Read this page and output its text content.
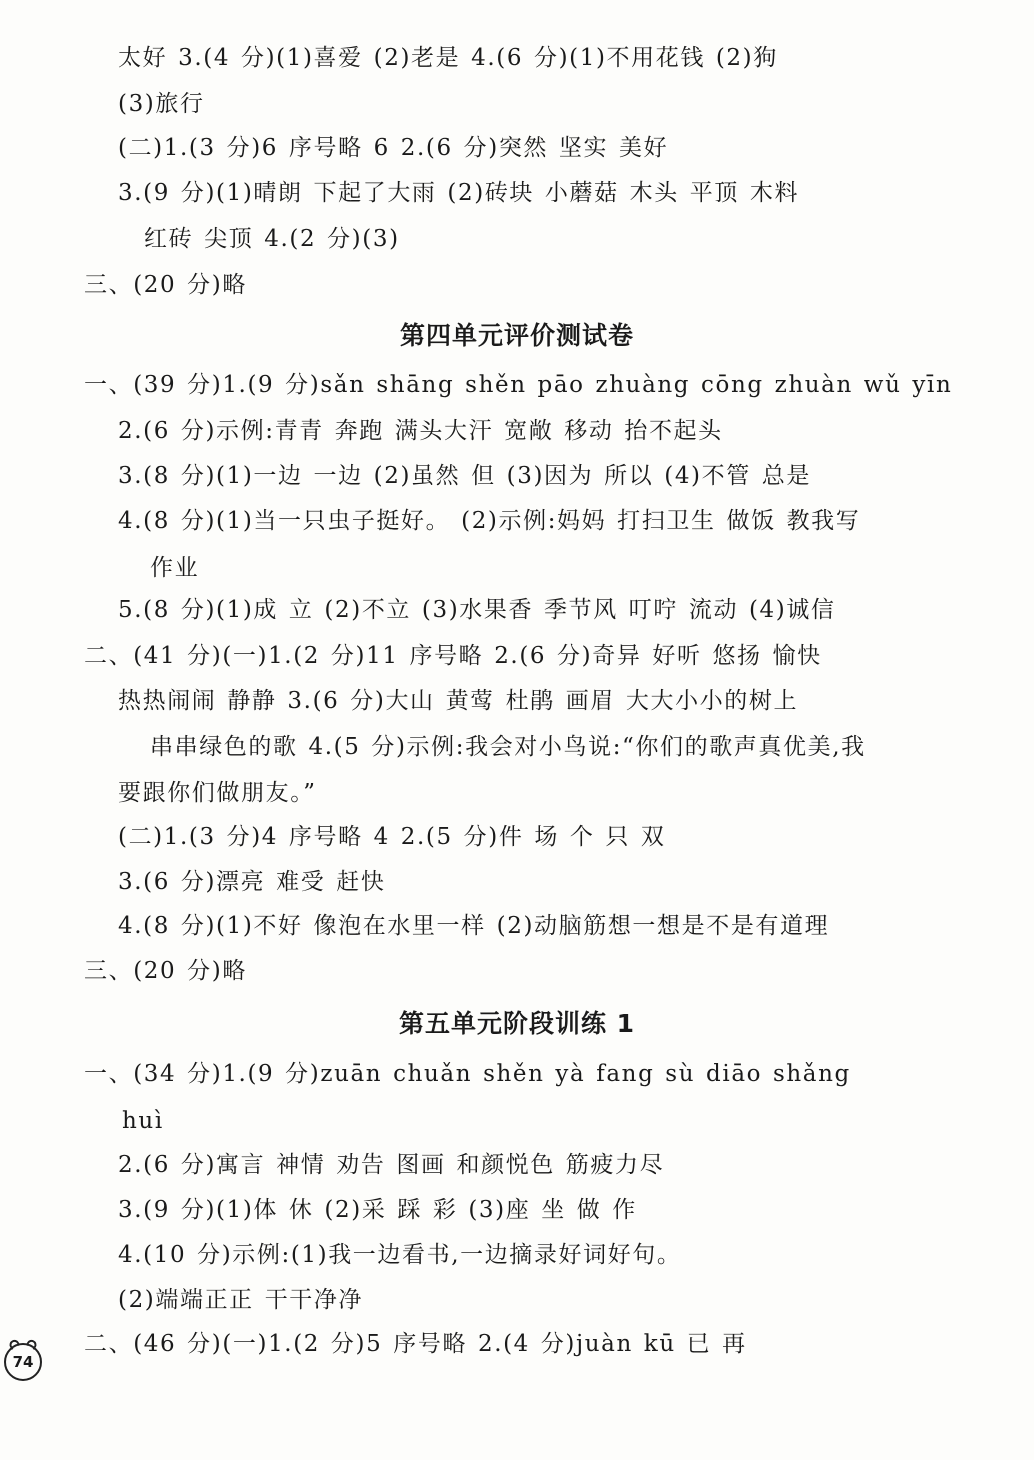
太好 3.(4 分)(1)喜爱 (2)老是 4.(6 分)(1)不用花钱 (2)狗
(3)旅行
(二)1.(3 分)6 序号略 6 2.(6 分)突然 坚实 美好
3.(9 分)(1)晴朗 下起了大雨 (2)砖块 小蘑菇 木头 平顶 木料
红砖 尖顶 4.(2 分)(3)
三、(20 分)略
第四单元评价测试卷
一、(39 分)1.(9 分)sǎn shāng shěn pāo zhuàng cōng zhuàn wǔ yīn
2.(6 分)示例:青青 奔跑 满头大汗 宽敞 移动 抬不起头
3.(8 分)(1)一边 一边 (2)虽然 但 (3)因为 所以 (4)不管 总是
4.(8 分)(1)当一只虫子挺好。 (2)示例:妈妈 打扫卫生 做饭 教我写
作业
5.(8 分)(1)成 立 (2)不立 (3)水果香 季节风 叮咛 流动 (4)诚信
二、(41 分)(一)1.(2 分)11 序号略 2.(6 分)奇异 好听 悠扬 愉快
热热闹闹 静静 3.(6 分)大山 黄莺 杜鹃 画眉 大大小小的树上
串串绿色的歌 4.(5 分)示例:我会对小鸟说:“你们的歌声真优美,我
要跟你们做朋友。”
(二)1.(3 分)4 序号略 4 2.(5 分)件 场 个 只 双
3.(6 分)漂亮 难受 赶快
4.(8 分)(1)不好 像泡在水里一样 (2)动脑筋想一想是不是有道理
三、(20 分)略
第五单元阶段训练 1
一、(34 分)1.(9 分)zuān chuǎn shěn yà fang sù diāo shǎng
huì
2.(6 分)寓言 神情 劝告 图画 和颜悦色 筋疲力尽
3.(9 分)(1)体 休 (2)采 踩 彩 (3)座 坐 做 作
4.(10 分)示例:(1)我一边看书,一边摘录好词好句。
(2)端端正正 干干净净
二、(46 分)(一)1.(2 分)5 序号略 2.(4 分)juàn kū 已 再
74
